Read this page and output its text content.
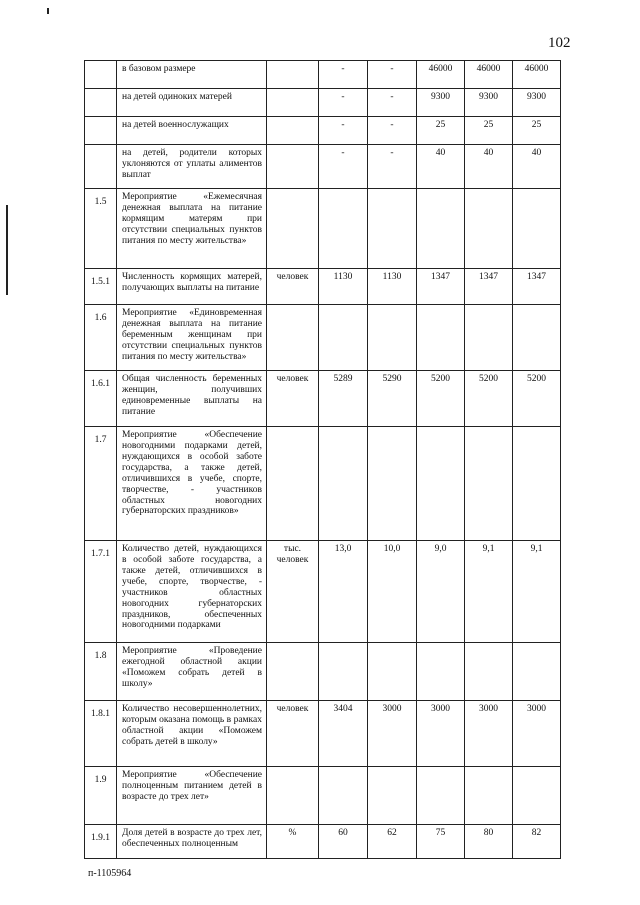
102
	в базовом размере		-	-	46000	46000	46000
	на детей одиноких матерей		-	-	9300	9300	9300
	на детей военнослужащих		-	-	25	25	25
	на детей, родители которых уклоняются от уплаты алиментов выплат		-	-	40	40	40
1.5	Мероприятие «Ежемесячная денежная выплата на питание кормящим матерям при отсутствии специальных пунктов питания по месту жительства»						
1.5.1	Численность кормящих матерей, получающих выплаты на питание	человек	1130	1130	1347	1347	1347
1.6	Мероприятие «Единовременная денежная выплата на питание беременным женщинам при отсутствии специальных пунктов питания по месту жительства»						
1.6.1	Общая численность беременных женщин, получивших единовременные выплаты на питание	человек	5289	5290	5200	5200	5200
1.7	Мероприятие «Обеспечение новогодними подарками детей, нуждающихся в особой заботе государства, а также детей, отличившихся в учебе, спорте, творчестве, - участников областных новогодних губернаторских праздников»						
1.7.1	Количество детей, нуждающихся в особой заботе государства, а также детей, отличившихся в учебе, спорте, творчестве, - участников областных новогодних губернаторских праздников, обеспеченных новогодними подарками	тыс. человек	13,0	10,0	9,0	9,1	9,1
1.8	Мероприятие «Проведение ежегодной областной акции «Поможем собрать детей в школу»						
1.8.1	Количество несовершеннолетних, которым оказана помощь в рамках областной акции «Поможем собрать детей в школу»	человек	3404	3000	3000	3000	3000
1.9	Мероприятие «Обеспечение полноценным питанием детей в возрасте до трех лет»						
1.9.1	Доля детей в возрасте до трех лет, обеспеченных полноценным	%	60	62	75	80	82
п-1105964
